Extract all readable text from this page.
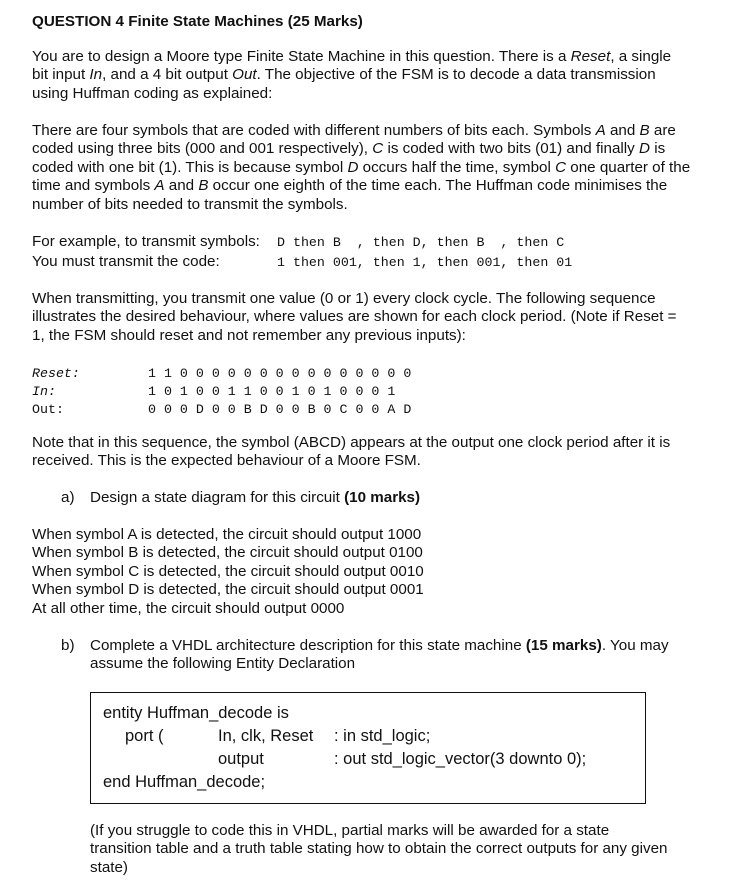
QUESTION 4 Finite State Machines (25 Marks)
You are to design a Moore type Finite State Machine in this question. There is a Reset, a single
bit input In, and a 4 bit output Out. The objective of the FSM is to decode a data transmission
using Huffman coding as explained:
There are four symbols that are coded with different numbers of bits each. Symbols A and B are
coded using three bits (000 and 001 respectively), C is coded with two bits (01) and finally D is
coded with one bit (1). This is because symbol D occurs half the time, symbol C one quarter of the
time and symbols A and B occur one eighth of the time each. The Huffman code minimises the
number of bits needed to transmit the symbols.
For example, to transmit symbols: D then B  , then D, then B  , then C
You must transmit the code:	1 then 001, then 1, then 001, then 01
When transmitting, you transmit one value (0 or 1) every clock cycle. The following sequence
illustrates the desired behaviour, where values are shown for each clock period. (Note if Reset =
1, the FSM should reset and not remember any previous inputs):
Reset:	1 1 0 0 0 0 0 0 0 0 0 0 0 0 0 0 0
In:	1 0 1 0 0 1 1 0 0 1 0 1 0 0 0 1
Out:	0 0 0 D 0 0 B D 0 0 B 0 C 0 0 A D
Note that in this sequence, the symbol (ABCD) appears at the output one clock period after it is
received. This is the expected behaviour of a Moore FSM.
a) Design a state diagram for this circuit (10 marks)
When symbol A is detected, the circuit should output 1000
When symbol B is detected, the circuit should output 0100
When symbol C is detected, the circuit should output 0010
When symbol D is detected, the circuit should output 0001
At all other time, the circuit should output 0000
b) Complete a VHDL architecture description for this state machine (15 marks). You may
assume the following Entity Declaration
entity Huffman_decode is
port (	In, clk, Reset : in std_logic;
output	: out std_logic_vector(3 downto 0);
end Huffman_decode;
(If you struggle to code this in VHDL, partial marks will be awarded for a state
transition table and a truth table stating how to obtain the correct outputs for any given
state)
